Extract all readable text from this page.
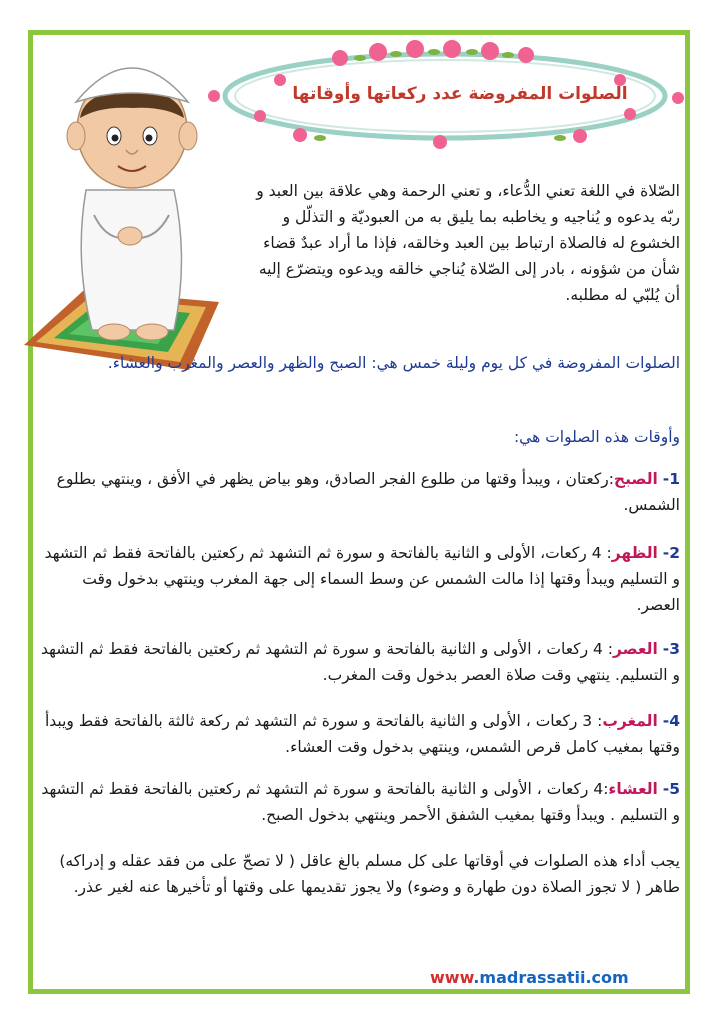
الصلوات المفروضة عدد ركعاتها وأوقاتها

الصّلاة في اللغة تعني الدُّعاء، و تعني الرحمة وهي علاقة بين العبد و ربّه يدعوه و يُناجيه و يخاطبه بما يليق به من العبوديّة و التذلّل و الخشوع له فالصلاة ارتباط بين العبد وخالقه، فإذا ما أراد عبدٌ قضاء شأن من شؤونه ، بادر إلى الصّلاة يُناجي خالقه ويدعوه ويتضرّع إليه أن يُلبّي له مطلبه.

الصلوات المفروضة في كل يوم وليلة خمس هي: الصبح والظهر والعصر والمغرب والعشاء.

وأوقات هذه الصلوات هي:

1- الصبح:ركعتان ، ويبدأ وقتها من طلوع الفجر الصادق، وهو بياض يظهر في الأفق ، وينتهي بطلوع الشمس.

2- الظهر: 4 ركعات، الأولى و الثانية بالفاتحة و سورة ثم التشهد ثم ركعتين بالفاتحة فقط ثم التشهد و التسليم ويبدأ وقتها إذا مالت الشمس عن وسط السماء إلى جهة المغرب وينتهي بدخول وقت العصر.

3- العصر: 4 ركعات ، الأولى و الثانية بالفاتحة و سورة ثم التشهد ثم ركعتين بالفاتحة فقط ثم التشهد و التسليم. ينتهي وقت صلاة العصر بدخول وقت المغرب.

4- المغرب: 3 ركعات ، الأولى و الثانية بالفاتحة و سورة ثم التشهد ثم ركعة ثالثة بالفاتحة فقط ويبدأ وقتها بمغيب كامل قرص الشمس، وينتهي بدخول وقت العشاء.

5- العشاء:4 ركعات ، الأولى و الثانية بالفاتحة و سورة ثم التشهد ثم ركعتين بالفاتحة فقط ثم التشهد و التسليم . ويبدأ وقتها بمغيب الشفق الأحمر وينتهي بدخول الصبح.

يجب أداء هذه الصلوات في أوقاتها على كل مسلم بالغ عاقل ( لا تصحّ على من فقد عقله و إدراكه) طاهر ( لا تجوز الصلاة دون طهارة و وضوء) ولا يجوز تقديمها على وقتها أو تأخيرها عنه لغير عذر.

www.madrassatii.com
